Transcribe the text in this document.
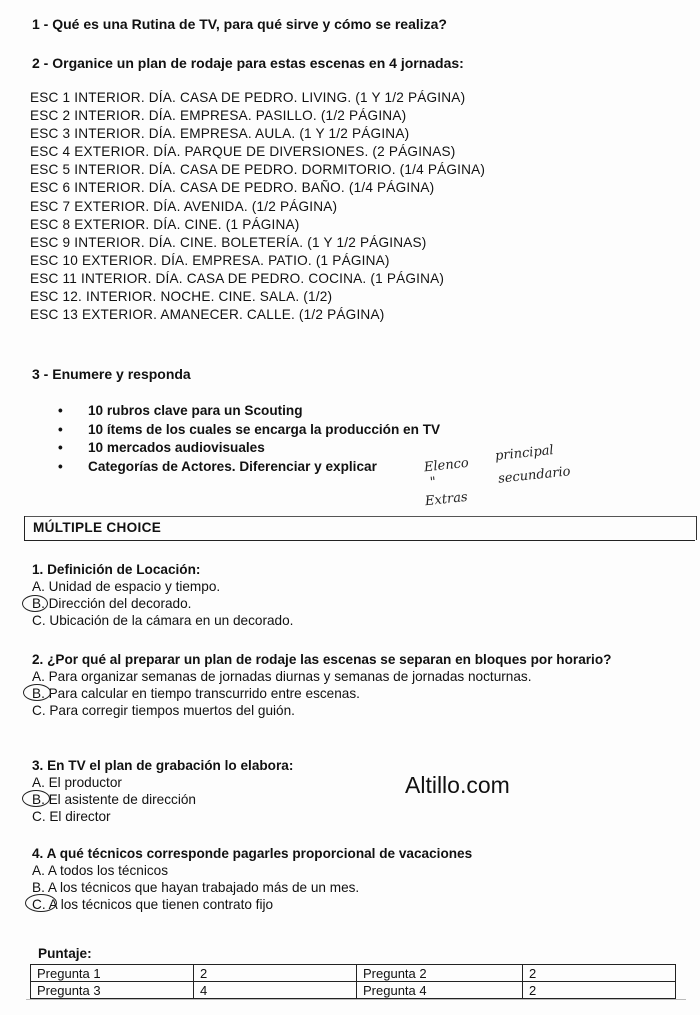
1 - Qué es una Rutina de TV, para qué sirve y cómo se realiza?
2 - Organice un plan de rodaje para estas escenas en 4 jornadas:
ESC 1 INTERIOR. DÍA. CASA DE PEDRO. LIVING. (1 Y 1/2 PÁGINA)
ESC 2 INTERIOR. DÍA. EMPRESA. PASILLO. (1/2 PÁGINA)
ESC 3 INTERIOR. DÍA. EMPRESA. AULA. (1 Y 1/2 PÁGINA)
ESC 4 EXTERIOR. DÍA. PARQUE DE DIVERSIONES. (2 PÁGINAS)
ESC 5 INTERIOR. DÍA. CASA DE PEDRO. DORMITORIO. (1/4 PÁGINA)
ESC 6 INTERIOR. DÍA. CASA DE PEDRO. BAÑO. (1/4 PÁGINA)
ESC 7 EXTERIOR. DÍA. AVENIDA. (1/2 PÁGINA)
ESC 8 EXTERIOR. DÍA. CINE. (1 PÁGINA)
ESC 9 INTERIOR. DÍA. CINE. BOLETERÍA. (1 Y 1/2 PÁGINAS)
ESC 10 EXTERIOR. DÍA. EMPRESA. PATIO. (1 PÁGINA)
ESC 11 INTERIOR. DÍA. CASA DE PEDRO. COCINA. (1 PÁGINA)
ESC 12. INTERIOR. NOCHE. CINE. SALA. (1/2)
ESC 13 EXTERIOR. AMANECER. CALLE. (1/2 PÁGINA)
3 - Enumere y responda
• 10 rubros clave para un Scouting
• 10 ítems de los cuales se encarga la producción en TV
• 10 mercados audiovisuales
• Categorías de Actores. Diferenciar y explicar	Elenco
principal
"	secundario
Extras
MÚLTIPLE CHOICE
1. Definición de Locación:
A. Unidad de espacio y tiempo.
B. Dirección del decorado.
C. Ubicación de la cámara en un decorado.
2. ¿Por qué al preparar un plan de rodaje las escenas se separan en bloques por horario?
A. Para organizar semanas de jornadas diurnas y semanas de jornadas nocturnas.
B. Para calcular en tiempo transcurrido entre escenas.
C. Para corregir tiempos muertos del guión.
3. En TV el plan de grabación lo elabora:
A. El productor
B. El asistente de dirección
C. El director
Altillo.com
4. A qué técnicos corresponde pagarles proporcional de vacaciones
A. A todos los técnicos
B. A los técnicos que hayan trabajado más de un mes.
C. A los técnicos que tienen contrato fijo
Puntaje:
Pregunta 1	2	Pregunta 2	2
Pregunta 3	4	Pregunta 4	2
